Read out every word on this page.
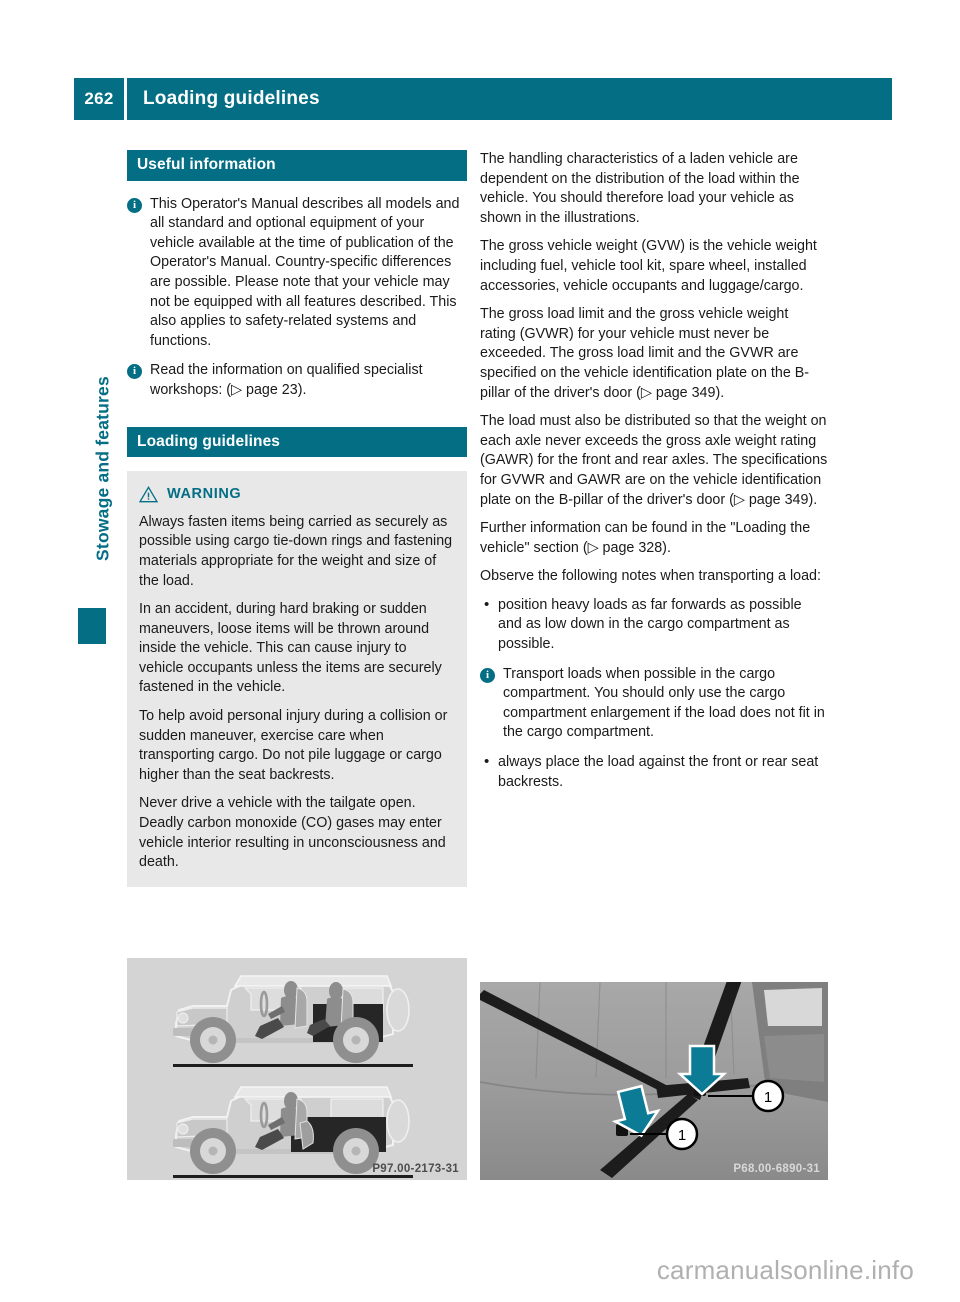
262	Loading guidelines
Stowage and features
Useful information
i This Operator's Manual describes all models and all standard and optional equipment of your vehicle available at the time of publication of the Operator's Manual. Country-specific differences are possible. Please note that your vehicle may not be equipped with all features described. This also applies to safety-related systems and functions.
i Read the information on qualified specialist workshops: (▷ page 23).
Loading guidelines
WARNING

Always fasten items being carried as securely as possible using cargo tie-down rings and fastening materials appropriate for the weight and size of the load.

In an accident, during hard braking or sudden maneuvers, loose items will be thrown around inside the vehicle. This can cause injury to vehicle occupants unless the items are securely fastened in the vehicle.

To help avoid personal injury during a collision or sudden maneuver, exercise care when transporting cargo. Do not pile luggage or cargo higher than the seat backrests.

Never drive a vehicle with the tailgate open. Deadly carbon monoxide (CO) gases may enter vehicle interior resulting in unconsciousness and death.

The handling characteristics of a laden vehicle are dependent on the distribution of the load within the vehicle. You should therefore load your vehicle as shown in the illustrations.

The gross vehicle weight (GVW) is the vehicle weight including fuel, vehicle tool kit, spare wheel, installed accessories, vehicle occupants and luggage/cargo.

The gross load limit and the gross vehicle weight rating (GVWR) for your vehicle must never be exceeded. The gross load limit and the GVWR are specified on the vehicle identification plate on the B-pillar of the driver's door (▷ page 349).

The load must also be distributed so that the weight on each axle never exceeds the gross axle weight rating (GAWR) for the front and rear axles. The specifications for GVWR and GAWR are on the vehicle identification plate on the B-pillar of the driver's door (▷ page 349).

Further information can be found in the "Loading the vehicle" section (▷ page 328).

Observe the following notes when transporting a load:

• position heavy loads as far forwards as possible and as low down in the cargo compartment as possible.
i Transport loads when possible in the cargo compartment. You should only use the cargo compartment enlargement if the load does not fit in the cargo compartment.
• always place the load against the front or rear seat backrests.
P97.00-2173-31
1
1
P68.00-6890-31
carmanualsonline.info
